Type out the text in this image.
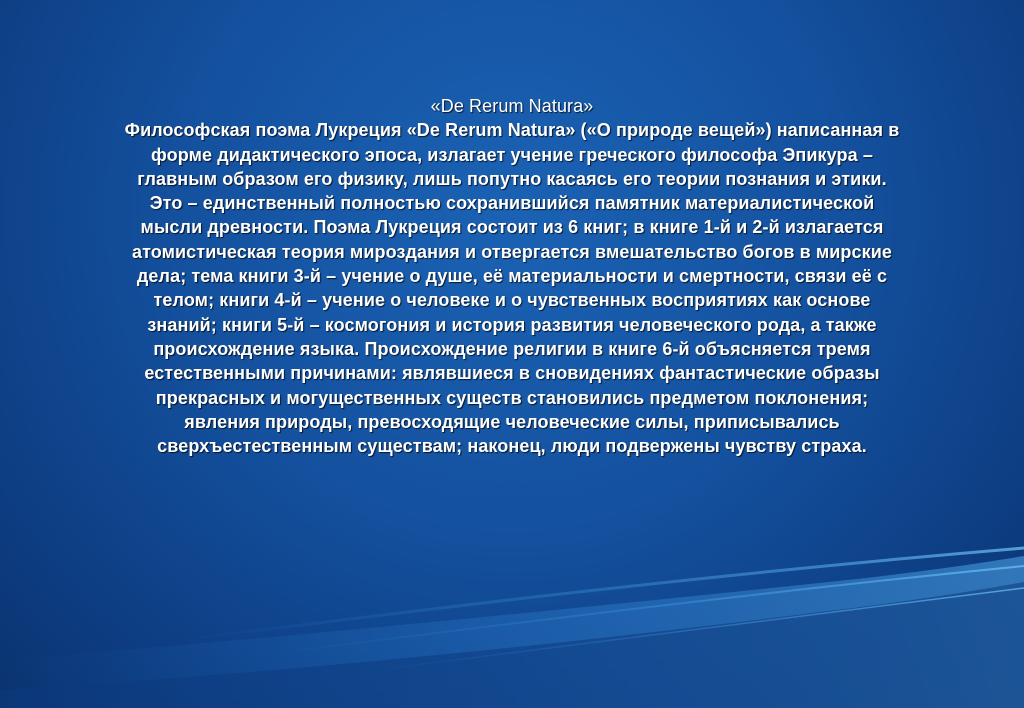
«De Rerum Natura»
Философская поэма Лукреция «De Rerum Natura» («О природе вещей») написанная в форме дидактического эпоса, излагает учение греческого философа Эпикура – главным образом его физику, лишь попутно касаясь его теории познания и этики. Это – единственный полностью сохранившийся памятник материалистической мысли древности. Поэма Лукреция состоит из 6 книг; в книге 1-й и 2-й излагается атомистическая теория мироздания и отвергается вмешательство богов в мирские дела; тема книги 3-й – учение о душе, её материальности и смертности, связи её с телом; книги 4-й – учение о человеке и о чувственных восприятиях как основе знаний; книги 5-й – космогония и история развития человеческого рода, а также происхождение языка. Происхождение религии в книге 6-й объясняется тремя естественными причинами: являвшиеся в сновидениях фантастические образы прекрасных и могущественных существ становились предметом поклонения; явления природы, превосходящие человеческие силы, приписывались сверхъестественным существам; наконец, люди подвержены чувству страха.
